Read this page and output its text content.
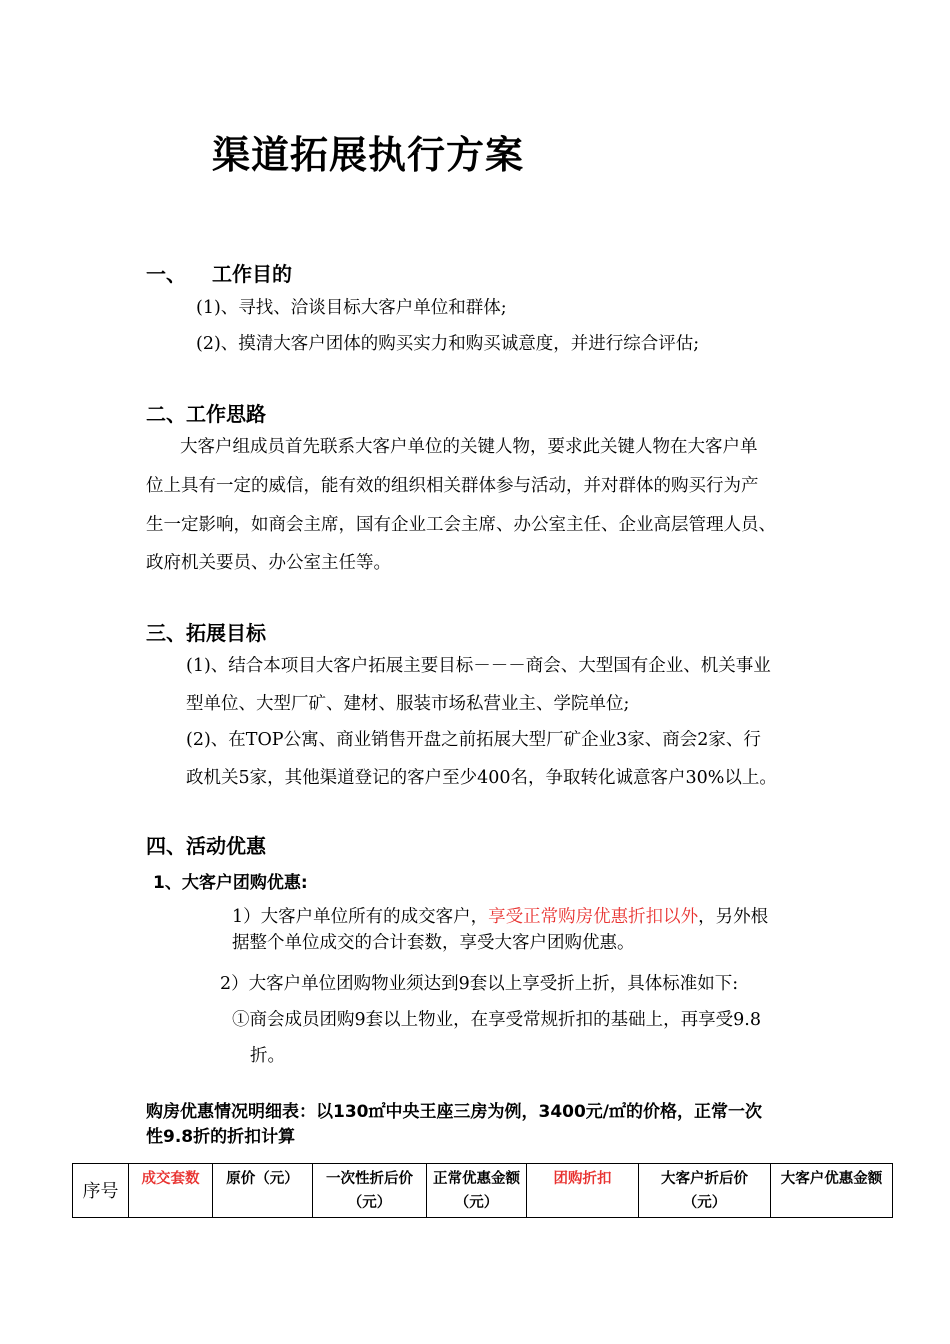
渠道拓展执行方案
一、 工作目的
(1)、寻找、洽谈目标大客户单位和群体;
(2)、摸清大客户团体的购买实力和购买诚意度，并进行综合评估;
二、工作思路
大客户组成员首先联系大客户单位的关键人物，要求此关键人物在大客户单
位上具有一定的威信，能有效的组织相关群体参与活动，并对群体的购买行为产
生一定影响，如商会主席，国有企业工会主席、办公室主任、企业高层管理人员、
政府机关要员、办公室主任等。
三、拓展目标
(1)、结合本项目大客户拓展主要目标－－－商会、大型国有企业、机关事业
型单位、大型厂矿、建材、服装市场私营业主、学院单位;
(2)、在TOP公寓、商业销售开盘之前拓展大型厂矿企业3家、商会2家、行
政机关5家，其他渠道登记的客户至少400名，争取转化诚意客户30%以上。
四、活动优惠
1、大客户团购优惠:
1）大客户单位所有的成交客户，享受正常购房优惠折扣以外，另外根
据整个单位成交的合计套数，享受大客户团购优惠。
2）大客户单位团购物业须达到9套以上享受折上折，具体标准如下:
①商会成员团购9套以上物业，在享受常规折扣的基础上，再享受9.8
折。
购房优惠情况明细表：以130㎡中央王座三房为例，3400元/㎡的价格，正常一次
性9.8折的折扣计算
序号	成交套数	原价（元）	一次性折后价（元）	正常优惠金额（元）	团购折扣	大客户折后价（元）	大客户优惠金额
